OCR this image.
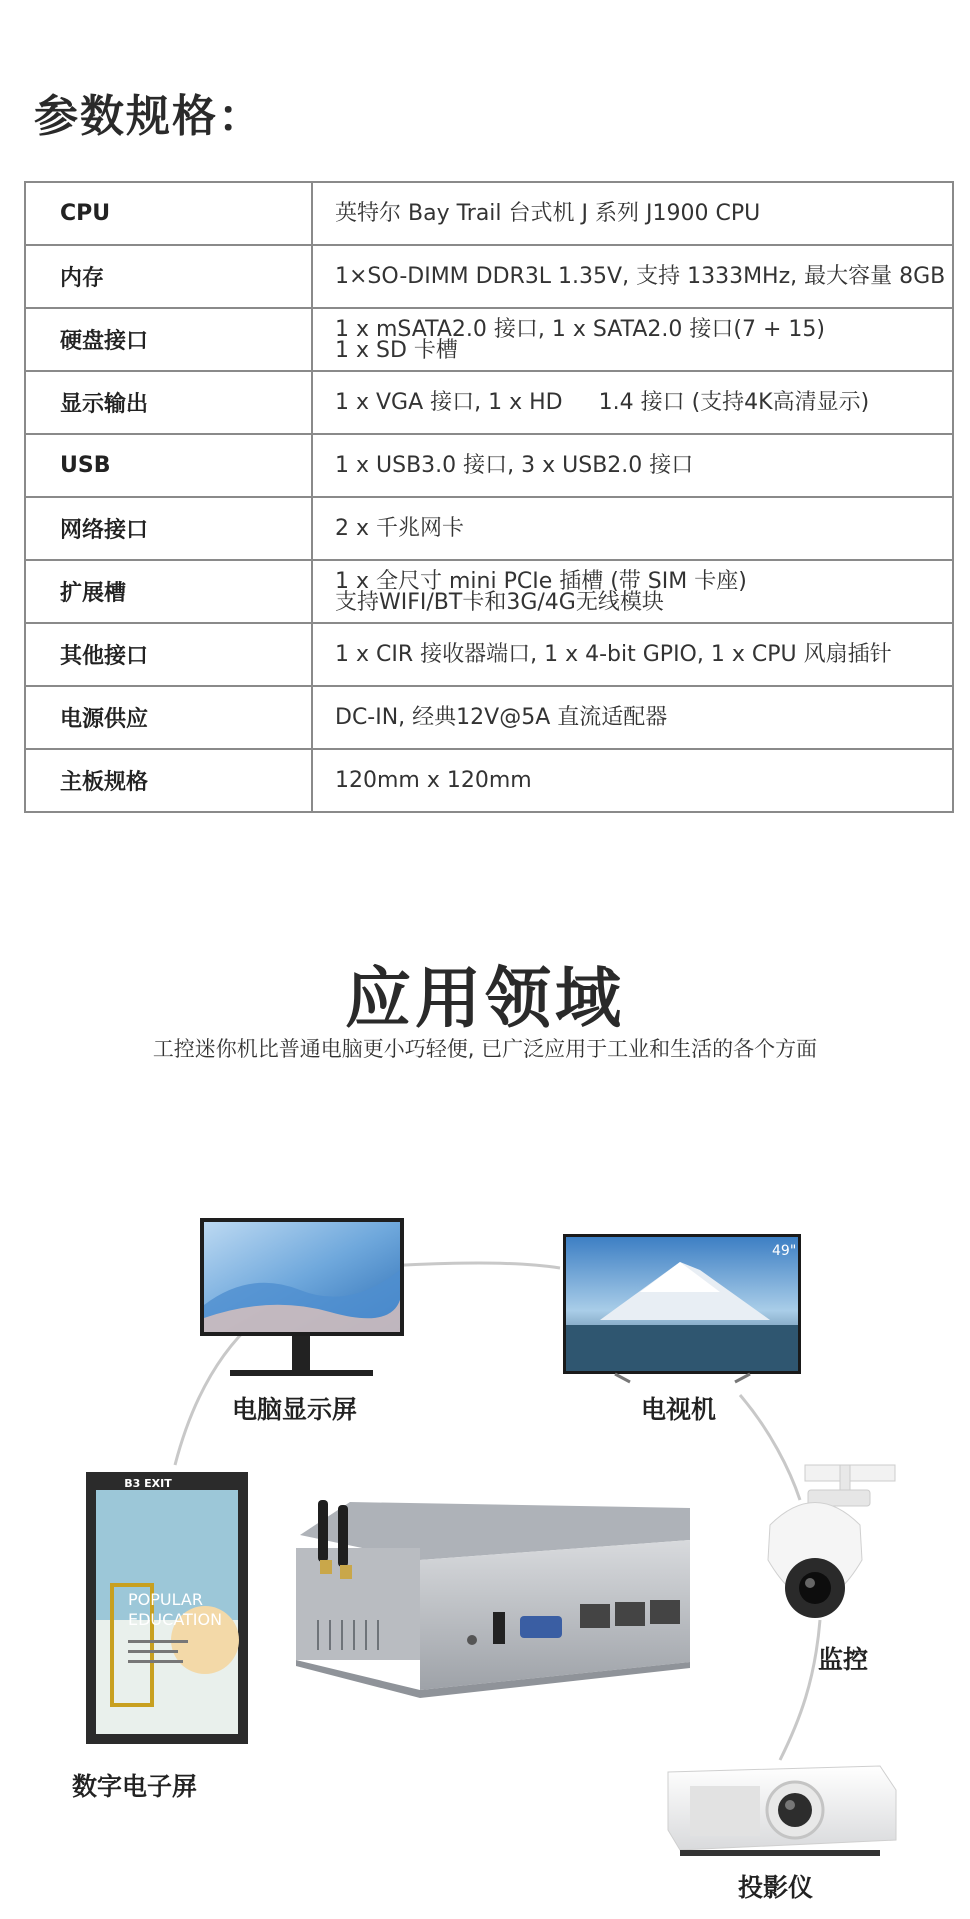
参数规格：
CPU	英特尔 Bay Trail 台式机 J 系列 J1900 CPU
内存	1×SO-DIMM DDR3L 1.35V, 支持 1333MHz, 最大容量 8GB
硬盘接口	1 x mSATA2.0 接口, 1 x SATA2.0 接口(7 + 15)
1 x SD 卡槽
显示输出	1 x VGA 接口, 1 x HD 　 1.4 接口 (支持4K高清显示)
USB	1 x USB3.0 接口, 3 x USB2.0 接口
网络接口	2 x 千兆网卡
扩展槽	1 x 全尺寸 mini PCIe 插槽 (带 SIM 卡座)
支持WIFI/BT卡和3G/4G无线模块
其他接口	1 x CIR 接收器端口, 1 x 4-bit GPIO, 1 x CPU 风扇插针
电源供应	DC-IN, 经典12V@5A 直流适配器
主板规格	120mm x 120mm
应用领域
工控迷你机比普通电脑更小巧轻便, 已广泛应用于工业和生活的各个方面
49"
B3 EXIT
POPULAR
EDUCATION
电脑显示屏	电视机
监控
数字电子屏
投影仪
